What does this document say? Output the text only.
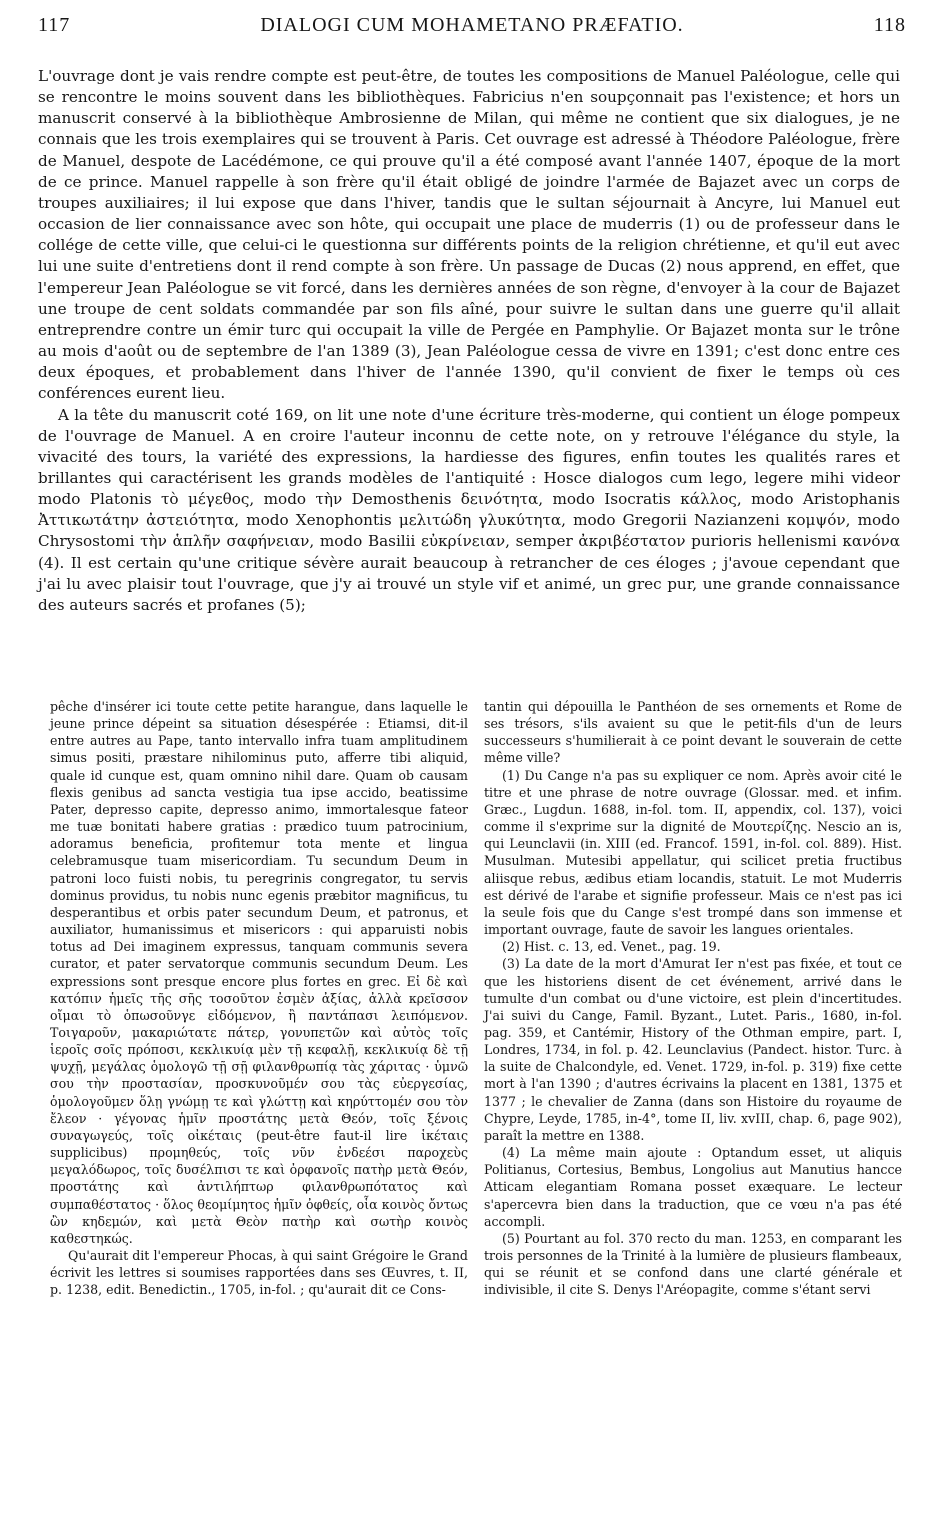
117	DIALOGI CUM MOHAMETANO PRÆFATIO.	118

L'ouvrage dont je vais rendre compte est peut-être, de toutes les compositions de Manuel Paléologue, celle qui se rencontre le moins souvent dans les bibliothèques. Fabricius n'en soupçonnait pas l'existence; et hors un manuscrit conservé à la bibliothèque Ambrosienne de Milan, qui même ne contient que six dialogues, je ne connais que les trois exemplaires qui se trouvent à Paris. Cet ouvrage est adressé à Théodore Paléologue, frère de Manuel, despote de Lacédémone, ce qui prouve qu'il a été composé avant l'année 1407, époque de la mort de ce prince. Manuel rappelle à son frère qu'il était obligé de joindre l'armée de Bajazet avec un corps de troupes auxiliaires; il lui expose que dans l'hiver, tandis que le sultan séjournait à Ancyre, lui Manuel eut occasion de lier connaissance avec son hôte, qui occupait une place de muderris (1) ou de professeur dans le collége de cette ville, que celui-ci le questionna sur différents points de la religion chrétienne, et qu'il eut avec lui une suite d'entretiens dont il rend compte à son frère. Un passage de Ducas (2) nous apprend, en effet, que l'empereur Jean Paléologue se vit forcé, dans les dernières années de son règne, d'envoyer à la cour de Bajazet une troupe de cent soldats commandée par son fils aîné, pour suivre le sultan dans une guerre qu'il allait entreprendre contre un émir turc qui occupait la ville de Pergée en Pamphylie. Or Bajazet monta sur le trône au mois d'août ou de septembre de l'an 1389 (3), Jean Paléologue cessa de vivre en 1391; c'est donc entre ces deux époques, et probablement dans l'hiver de l'année 1390, qu'il convient de fixer le temps où ces conférences eurent lieu.

A la tête du manuscrit coté 169, on lit une note d'une écriture très-moderne, qui contient un éloge pompeux de l'ouvrage de Manuel. A en croire l'auteur inconnu de cette note, on y retrouve l'élégance du style, la vivacité des tours, la variété des expressions, la hardiesse des figures, enfin toutes les qualités rares et brillantes qui caractérisent les grands modèles de l'antiquité : Hosce dialogos cum lego, legere mihi videor modo Platonis τὸ μέγεθος, modo τὴν Demosthenis δεινότητα, modo Isocratis κάλλος, modo Aristophanis Ἀττικωτάτην ἀστειότητα, modo Xenophontis μελιτώδη γλυκύτητα, modo Gregorii Nazianzeni κομψόν, modo Chrysostomi τὴν ἁπλῆν σαφήνειαν, modo Basilii εὐκρίνειαν, semper ἀκριβέστατον purioris hellenismi κανόνα (4). Il est certain qu'une critique sévère aurait beaucoup à retrancher de ces éloges ; j'avoue cependant que j'ai lu avec plaisir tout l'ouvrage, que j'y ai trouvé un style vif et animé, un grec pur, une grande connaissance des auteurs sacrés et profanes (5);

pêche d'insérer ici toute cette petite harangue, dans laquelle le jeune prince dépeint sa situation désespérée : Etiamsi, dit-il entre autres au Pape, tanto intervallo infra tuam amplitudinem simus positi, præstare nihilominus puto, afferre tibi aliquid, quale id cunque est, quam omnino nihil dare. Quam ob causam flexis genibus ad sancta vestigia tua ipse accido, beatissime Pater, depresso capite, depresso animo, immortalesque fateor me tuæ bonitati habere gratias : prædico tuum patrocinium, adoramus beneficia, profitemur tota mente et lingua celebramusque tuam misericordiam. Tu secundum Deum in patroni loco fuisti nobis, tu peregrinis congregator, tu servis dominus providus, tu nobis nunc egenis præbitor magnificus, tu desperantibus et orbis pater secundum Deum, et patronus, et auxiliator, humanissimus et misericors : qui apparuisti nobis totus ad Dei imaginem expressus, tanquam communis severa curator, et pater servatorque communis secundum Deum. Les expressions sont presque encore plus fortes en grec. Εἰ δὲ καὶ κατόπιν ἡμεῖς τῆς σῆς τοσοῦτον ἐσμὲν ἀξίας, ἀλλὰ κρεῖσσον οἴμαι τὸ ὁπωσοῦνγε εἰδόμενον, ἢ παντάπασι λειπόμενον. Τοιγαροῦν, μακαριώτατε πάτερ, γονυπετῶν καὶ αὐτὸς τοῖς ἱεροῖς σοῖς πρόποσι, κεκλικυίᾳ μὲν τῇ κεφαλῇ, κεκλικυίᾳ δὲ τῇ ψυχῇ, μεγάλας ὁμολογῶ τῇ σῇ φιλανθρωπίᾳ τὰς χάριτας · ὑμνῶ σου τὴν προστασίαν, προσκυνοῦμέν σου τὰς εὐεργεσίας, ὁμολογοῦμεν ὅλῃ γνώμῃ τε καὶ γλώττῃ καὶ κηρύττομέν σου τὸν ἔλεον · γέγονας ἡμῖν προστάτης μετὰ Θεόν, τοῖς ξένοις συναγωγεύς, τοῖς οἰκέταις (peut-être faut-il lire ἱκέταις supplicibus) προμηθεύς, τοῖς νῦν ἐνδεέσι παροχεὺς μεγαλόδωρος, τοῖς δυσέλπισι τε καὶ ὀρφανοῖς πατὴρ μετὰ Θεόν, προστάτης καὶ ἀντιλήπτωρ φιλανθρωπότατος καὶ συμπαθέστατος · ὅλος θεομίμητος ἡμῖν ὀφθείς, οἷα κοινὸς ὄντως ὢν κηδεμών, καὶ μετὰ Θεὸν πατὴρ καὶ σωτὴρ κοινὸς καθεστηκώς.

Qu'aurait dit l'empereur Phocas, à qui saint Grégoire le Grand écrivit les lettres si soumises rapportées dans ses Œuvres, t. II, p. 1238, edit. Benedictin., 1705, in-fol. ; qu'aurait dit ce Cons-

tantin qui dépouilla le Panthéon de ses ornements et Rome de ses trésors, s'ils avaient su que le petit-fils d'un de leurs successeurs s'humilierait à ce point devant le souverain de cette même ville?

(1) Du Cange n'a pas su expliquer ce nom. Après avoir cité le titre et une phrase de notre ouvrage (Glossar. med. et infim. Græc., Lugdun. 1688, in-fol. tom. II, appendix, col. 137), voici comme il s'exprime sur la dignité de Μουτερίζης. Nescio an is, qui Leunclavii (in. XIII (ed. Francof. 1591, in-fol. col. 889). Hist. Musulman. Mutesibi appellatur, qui scilicet pretia fructibus aliisque rebus, ædibus etiam locandis, statuit. Le mot Muderris est dérivé de l'arabe et signifie professeur. Mais ce n'est pas ici la seule fois que du Cange s'est trompé dans son immense et important ouvrage, faute de savoir les langues orientales.

(2) Hist. c. 13, ed. Venet., pag. 19.

(3) La date de la mort d'Amurat Ier n'est pas fixée, et tout ce que les historiens disent de cet événement, arrivé dans le tumulte d'un combat ou d'une victoire, est plein d'incertitudes. J'ai suivi du Cange, Famil. Byzant., Lutet. Paris., 1680, in-fol. pag. 359, et Cantémir, History of the Othman empire, part. I, Londres, 1734, in fol. p. 42. Leunclavius (Pandect. histor. Turc. à la suite de Chalcondyle, ed. Venet. 1729, in-fol. p. 319) fixe cette mort à l'an 1390 ; d'autres écrivains la placent en 1381, 1375 et 1377 ; le chevalier de Zanna (dans son Histoire du royaume de Chypre, Leyde, 1785, in-4°, tome II, liv. xvIII, chap. 6, page 902), paraît la mettre en 1388.

(4) La même main ajoute : Optandum esset, ut aliquis Politianus, Cortesius, Bembus, Longolius aut Manutius hancce Atticam elegantiam Romana posset exæquare. Le lecteur s'apercevra bien dans la traduction, que ce vœu n'a pas été accompli.

(5) Pourtant au fol. 370 recto du man. 1253, en comparant les trois personnes de la Trinité à la lumière de plusieurs flambeaux, qui se réunit et se confond dans une clarté générale et indivisible, il cite S. Denys l'Aréopagite, comme s'étant servi
